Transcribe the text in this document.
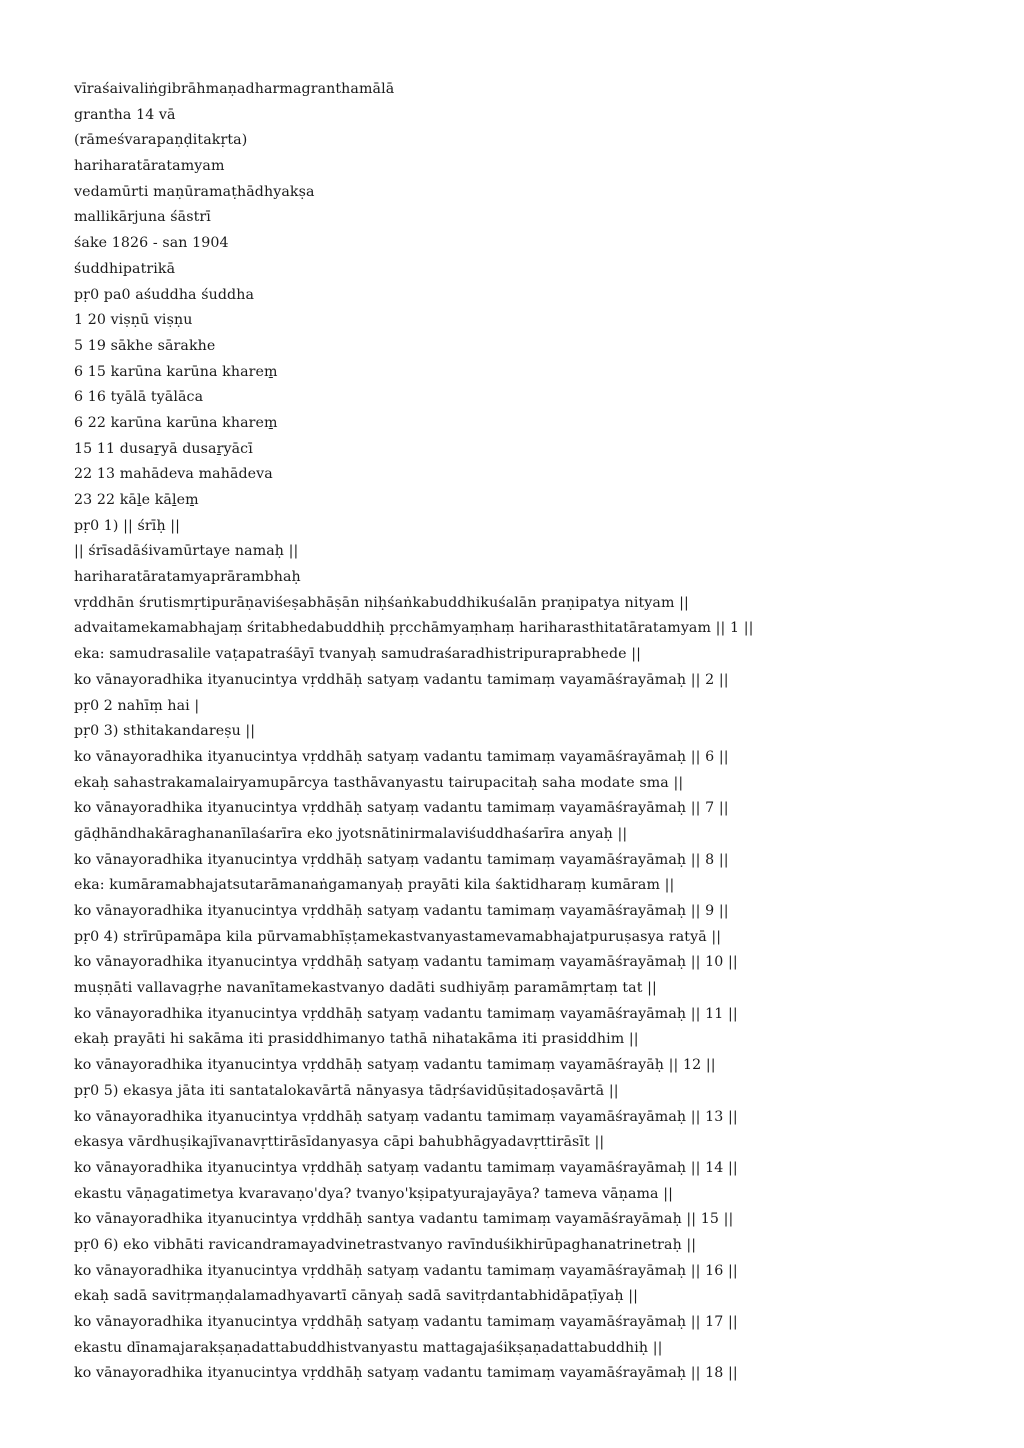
vīraśaivaliṅgibrāhmaṇadharmagranthamālā
grantha 14 vā
(rāmeśvarapaṇḍitakṛta)
hariharatāratamyam
vedamūrti maṇūramaṭhādhyakṣa
mallikārjuna śāstrī
śake 1826 - san 1904
śuddhipatrikā
pṛ0 pa0 aśuddha śuddha
1 20 viṣṇū viṣṇu
5 19 sākhe sārakhe
6 15 karūna karūna kharem̱
6 16 tyālā tyālāca
6 22 karūna karūna kharem̱
15 11 dusaṟyā dusaṟyācī
22 13 mahādeva mahādeva
23 22 kāḻe kāḻem̱
pṛ0 1) || śrīḥ ||
|| śrīsadāśivamūrtaye namaḥ ||
hariharatāratamyaprārambhaḥ
vṛddhān śrutismṛtipurāṇaviśeṣabhāṣān niḥśaṅkabuddhikuśalān praṇipatya nityam ||
advaitamekamabhajaṃ śritabhedabuddhiḥ pṛcchāmyaṃhaṃ hariharasthitatāratamyam || 1 ||
eka: samudrasalile vaṭapatraśāyī tvanyaḥ samudraśaradhistripuraprabhede ||
ko vānayoradhika ityanucintya vṛddhāḥ satyaṃ vadantu tamimaṃ vayamāśrayāmaḥ || 2 ||
pṛ0 2 nahīṃ hai |
pṛ0 3) sthitakandareṣu ||
ko vānayoradhika ityanucintya vṛddhāḥ satyaṃ vadantu tamimaṃ vayamāśrayāmaḥ || 6 ||
ekaḥ sahastrakamalairyamupārcya tasthāvanyastu tairupacitaḥ saha modate sma ||
ko vānayoradhika ityanucintya vṛddhāḥ satyaṃ vadantu tamimaṃ vayamāśrayāmaḥ || 7 ||
gāḍhāndhakāraghananīlaśarīra eko jyotsnātinirmalaviśuddhaśarīra anyaḥ ||
ko vānayoradhika ityanucintya vṛddhāḥ satyaṃ vadantu tamimaṃ vayamāśrayāmaḥ || 8 ||
eka: kumāramabhajatsutarāmanaṅgamanyaḥ prayāti kila śaktidharaṃ kumāram ||
ko vānayoradhika ityanucintya vṛddhāḥ satyaṃ vadantu tamimaṃ vayamāśrayāmaḥ || 9 ||
pṛ0 4) strīrūpamāpa kila pūrvamabhīṣṭamekastvanyastamevamabhajatpuruṣasya ratyā ||
ko vānayoradhika ityanucintya vṛddhāḥ satyaṃ vadantu tamimaṃ vayamāśrayāmaḥ || 10 ||
muṣṇāti vallavagṛhe navanītamekastvanyo dadāti sudhiyāṃ paramāmṛtaṃ tat ||
ko vānayoradhika ityanucintya vṛddhāḥ satyaṃ vadantu tamimaṃ vayamāśrayāmaḥ || 11 ||
ekaḥ prayāti hi sakāma iti prasiddhimanyo tathā nihatakāma iti prasiddhim ||
ko vānayoradhika ityanucintya vṛddhāḥ satyaṃ vadantu tamimaṃ vayamāśrayāḥ || 12 ||
pṛ0 5) ekasya jāta iti santatalokavārtā nānyasya tādṛśavidūṣitadoṣavārtā ||
ko vānayoradhika ityanucintya vṛddhāḥ satyaṃ vadantu tamimaṃ vayamāśrayāmaḥ || 13 ||
ekasya vārdhuṣikajīvanavṛttirāsīdanyasya cāpi bahubhāgyadavṛttirāsīt ||
ko vānayoradhika ityanucintya vṛddhāḥ satyaṃ vadantu tamimaṃ vayamāśrayāmaḥ || 14 ||
ekastu vāṇagatimetya kvaravaṇo'dya? tvanyo'kṣipatyurajayāya? tameva vāṇama ||
ko vānayoradhika ityanucintya vṛddhāḥ santya vadantu tamimaṃ vayamāśrayāmaḥ || 15 ||
pṛ0 6) eko vibhāti ravicandramayadvinetrastvanyo ravīnduśikhirūpaghanatrinetraḥ ||
ko vānayoradhika ityanucintya vṛddhāḥ satyaṃ vadantu tamimaṃ vayamāśrayāmaḥ || 16 ||
ekaḥ sadā savitṛmaṇḍalamadhyavartī cānyaḥ sadā savitṛdantabhidāpaṭīyaḥ ||
ko vānayoradhika ityanucintya vṛddhāḥ satyaṃ vadantu tamimaṃ vayamāśrayāmaḥ || 17 ||
ekastu dīnamajarakṣaṇadattabuddhistvanyastu mattagajaśikṣaṇadattabuddhiḥ ||
ko vānayoradhika ityanucintya vṛddhāḥ satyaṃ vadantu tamimaṃ vayamāśrayāmaḥ || 18 ||
